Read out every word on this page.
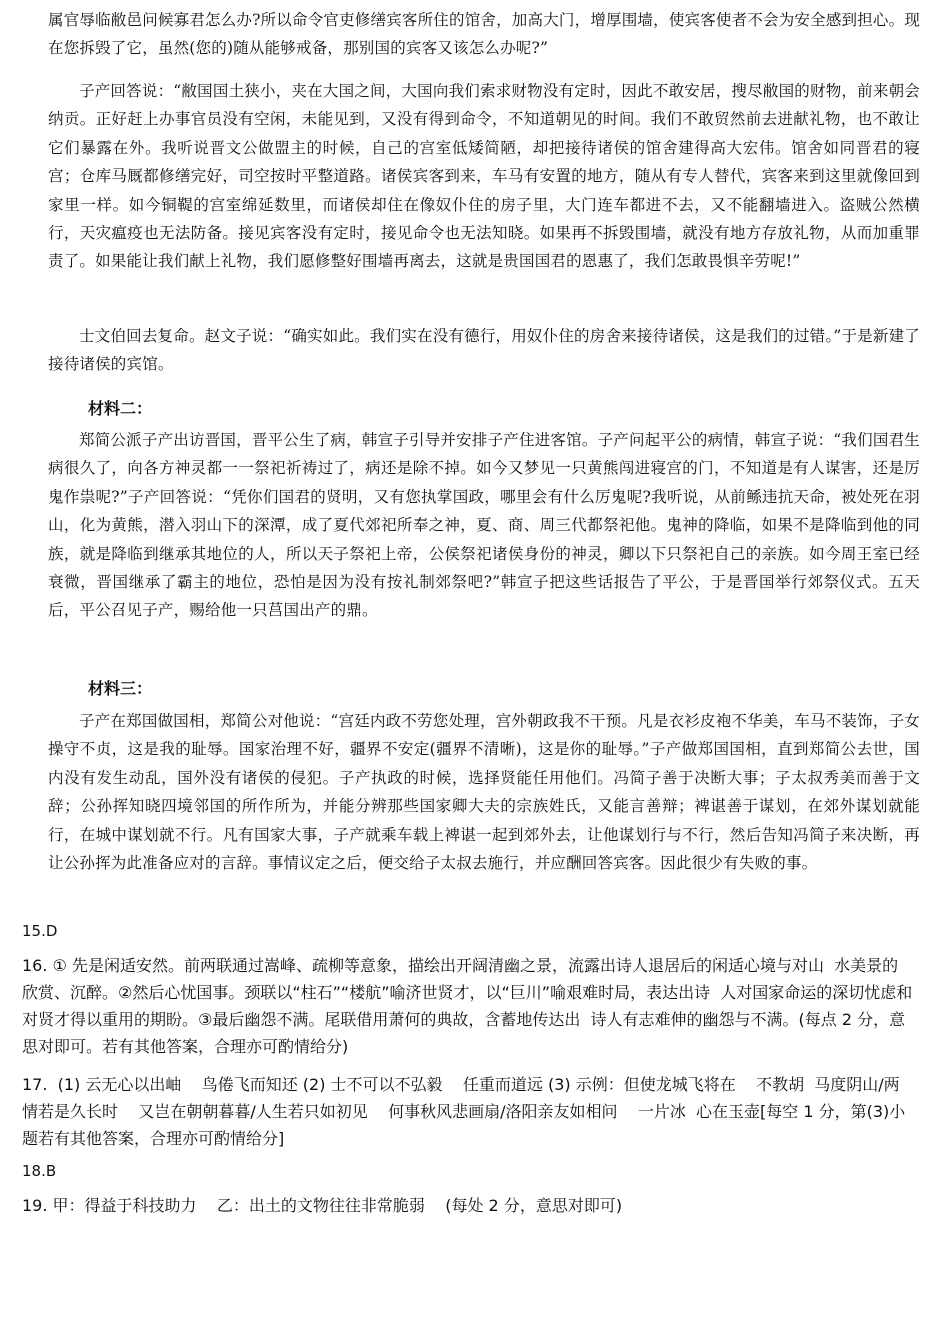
属官辱临敝邑问候寡君怎么办?所以命令官吏修缮宾客所住的馆舍，加高大门，增厚围墙，使宾客使者不会为安全感到担心。现在您拆毁了它，虽然(您的)随从能够戒备，那别国的宾客又该怎么办呢?”

子产回答说：“敝国国土狭小，夹在大国之间，大国向我们索求财物没有定时，因此不敢安居，搜尽敝国的财物，前来朝会纳贡。正好赶上办事官员没有空闲，未能见到，又没有得到命令，不知道朝见的时间。我们不敢贸然前去进献礼物，也不敢让它们暴露在外。我听说晋文公做盟主的时候，自己的宫室低矮简陋，却把接待诸侯的馆舍建得高大宏伟。馆舍如同晋君的寝宫；仓库马厩都修缮完好，司空按时平整道路。诸侯宾客到来，车马有安置的地方，随从有专人替代，宾客来到这里就像回到家里一样。如今铜鞮的宫室绵延数里，而诸侯却住在像奴仆住的房子里，大门连车都进不去，又不能翻墙进入。盗贼公然横行，天灾瘟疫也无法防备。接见宾客没有定时，接见命令也无法知晓。如果再不拆毁围墙，就没有地方存放礼物，从而加重罪责了。如果能让我们献上礼物，我们愿修整好围墙再离去，这就是贵国国君的恩惠了，我们怎敢畏惧辛劳呢!”

士文伯回去复命。赵文子说：“确实如此。我们实在没有德行，用奴仆住的房舍来接待诸侯，这是我们的过错。”于是新建了接待诸侯的宾馆。

材料二：

郑简公派子产出访晋国，晋平公生了病，韩宣子引导并安排子产住进客馆。子产问起平公的病情，韩宣子说：“我们国君生病很久了，向各方神灵都一一祭祀祈祷过了，病还是除不掉。如今又梦见一只黄熊闯进寝宫的门，不知道是有人谋害，还是厉鬼作祟呢?”子产回答说：“凭你们国君的贤明，又有您执掌国政，哪里会有什么厉鬼呢?我听说，从前鲧违抗天命，被处死在羽山，化为黄熊，潜入羽山下的深潭，成了夏代郊祀所奉之神，夏、商、周三代都祭祀他。鬼神的降临，如果不是降临到他的同族，就是降临到继承其地位的人，所以天子祭祀上帝，公侯祭祀诸侯身份的神灵，卿以下只祭祀自己的亲族。如今周王室已经衰微，晋国继承了霸主的地位，恐怕是因为没有按礼制郊祭吧?”韩宣子把这些话报告了平公，于是晋国举行郊祭仪式。五天后，平公召见子产，赐给他一只莒国出产的鼎。

材料三：

子产在郑国做国相，郑简公对他说：“宫廷内政不劳您处理，宫外朝政我不干预。凡是衣衫皮袍不华美，车马不装饰，子女操守不贞，这是我的耻辱。国家治理不好，疆界不安定(疆界不清晰)，这是你的耻辱。”子产做郑国国相，直到郑简公去世，国内没有发生动乱，国外没有诸侯的侵犯。子产执政的时候，选择贤能任用他们。冯简子善于决断大事；子太叔秀美而善于文辞；公孙挥知晓四境邻国的所作所为，并能分辨那些国家卿大夫的宗族姓氏，又能言善辩；裨谌善于谋划，在郊外谋划就能行，在城中谋划就不行。凡有国家大事，子产就乘车载上裨谌一起到郊外去，让他谋划行与不行，然后告知冯简子来决断，再让公孙挥为此准备应对的言辞。事情议定之后，便交给子太叔去施行，并应酬回答宾客。因此很少有失败的事。

15.D

16. ① 先是闲适安然。前两联通过嵩峰、疏柳等意象，描绘出开阔清幽之景，流露出诗人退居后的闲适心境与对山  水美景的欣赏、沉醉。②然后心忧国事。颈联以“柱石”“楼航”喻济世贤才，以“巨川”喻艰难时局，表达出诗  人对国家命运的深切忧虑和对贤才得以重用的期盼。③最后幽怨不满。尾联借用萧何的典故，含蓄地传达出  诗人有志难伸的幽怨与不满。(每点 2 分，意思对即可。若有其他答案，合理亦可酌情给分)

17.  (1) 云无心以出岫    鸟倦飞而知还 (2) 士不可以不弘毅    任重而道远 (3) 示例：但使龙城飞将在    不教胡  马度阴山/两情若是久长时    又岂在朝朝暮暮/人生若只如初见    何事秋风悲画扇/洛阳亲友如相问    一片冰  心在玉壶[每空 1 分，第(3)小题若有其他答案，合理亦可酌情给分]

18.B

19. 甲：得益于科技助力    乙：出土的文物往往非常脆弱    (每处 2 分，意思对即可)
